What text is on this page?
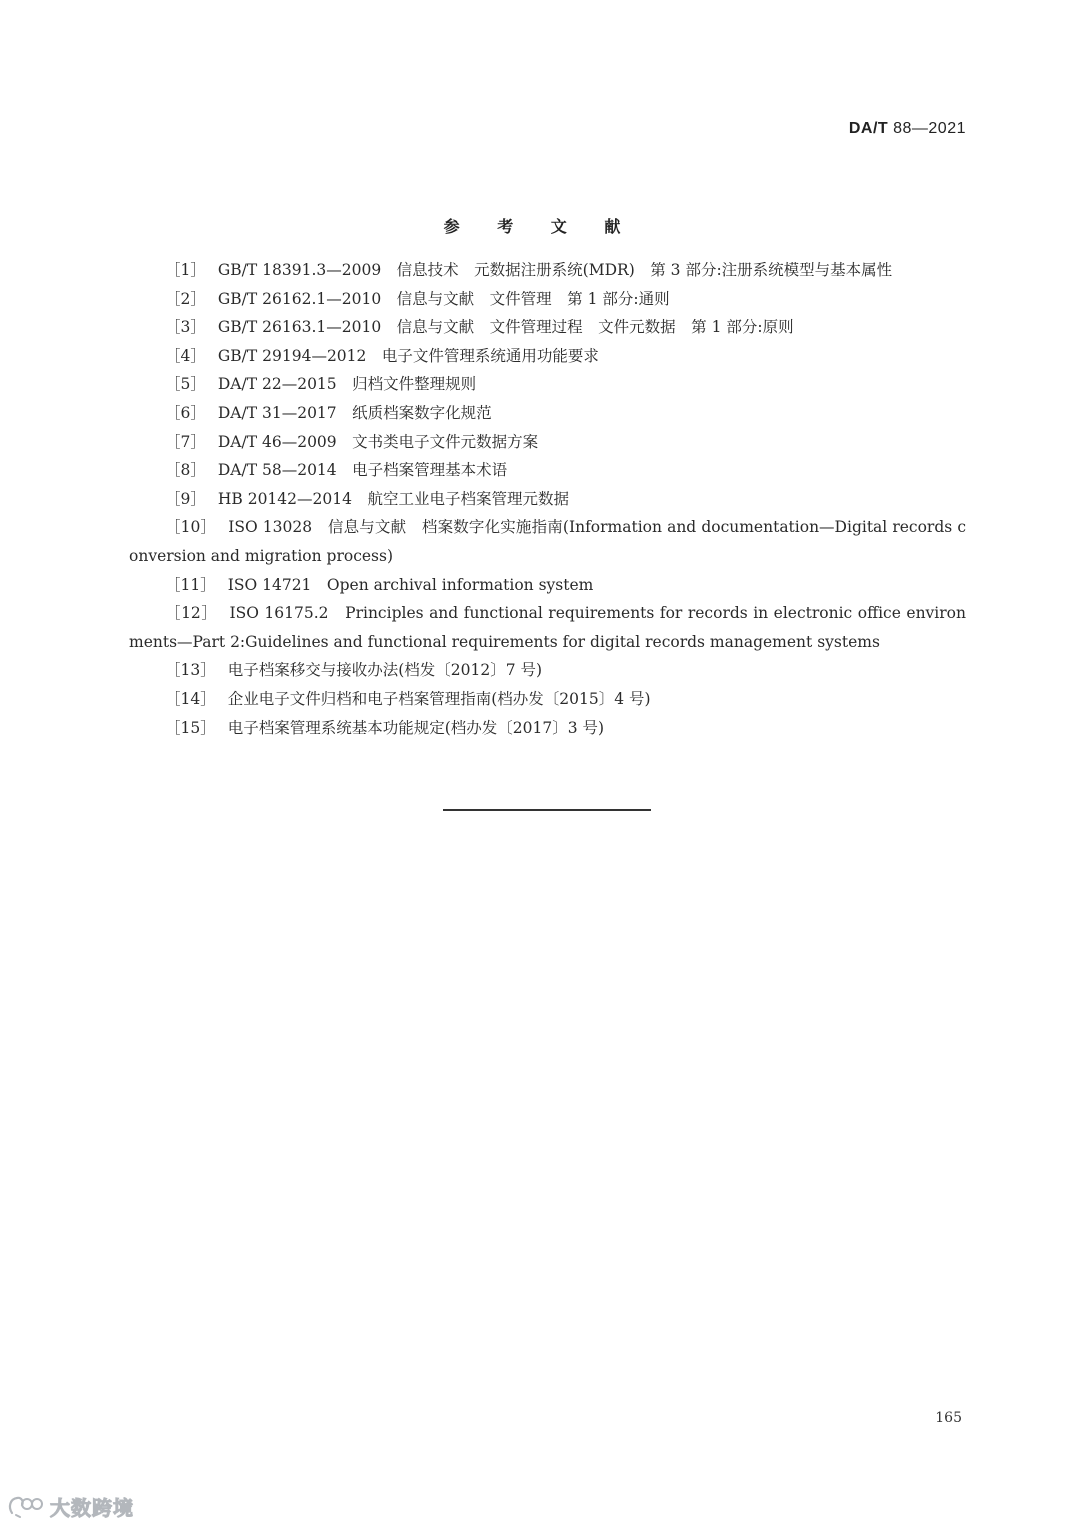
DA/T 88—2021
参 考 文 献
［1］ GB/T 18391.3—2009　信息技术　元数据注册系统(MDR)　第 3 部分:注册系统模型与基本属性
［2］ GB/T 26162.1—2010　信息与文献　文件管理　第 1 部分:通则
［3］ GB/T 26163.1—2010　信息与文献　文件管理过程　文件元数据　第 1 部分:原则
［4］ GB/T 29194—2012　电子文件管理系统通用功能要求
［5］ DA/T 22—2015　归档文件整理规则
［6］ DA/T 31—2017　纸质档案数字化规范
［7］ DA/T 46—2009　文书类电子文件元数据方案
［8］ DA/T 58—2014　电子档案管理基本术语
［9］ HB 20142—2014　航空工业电子档案管理元数据
［10］ ISO 13028　信息与文献　档案数字化实施指南(Information and documentation—Digital records conversion and migration process)
［11］ ISO 14721　Open archival information system
［12］ ISO 16175.2　Principles and functional requirements for records in electronic office environments—Part 2:Guidelines and functional requirements for digital records management systems
［13］ 电子档案移交与接收办法(档发〔2012〕7 号)
［14］ 企业电子文件归档和电子档案管理指南(档办发〔2015〕4 号)
［15］ 电子档案管理系统基本功能规定(档办发〔2017〕3 号)
165
大数跨境
